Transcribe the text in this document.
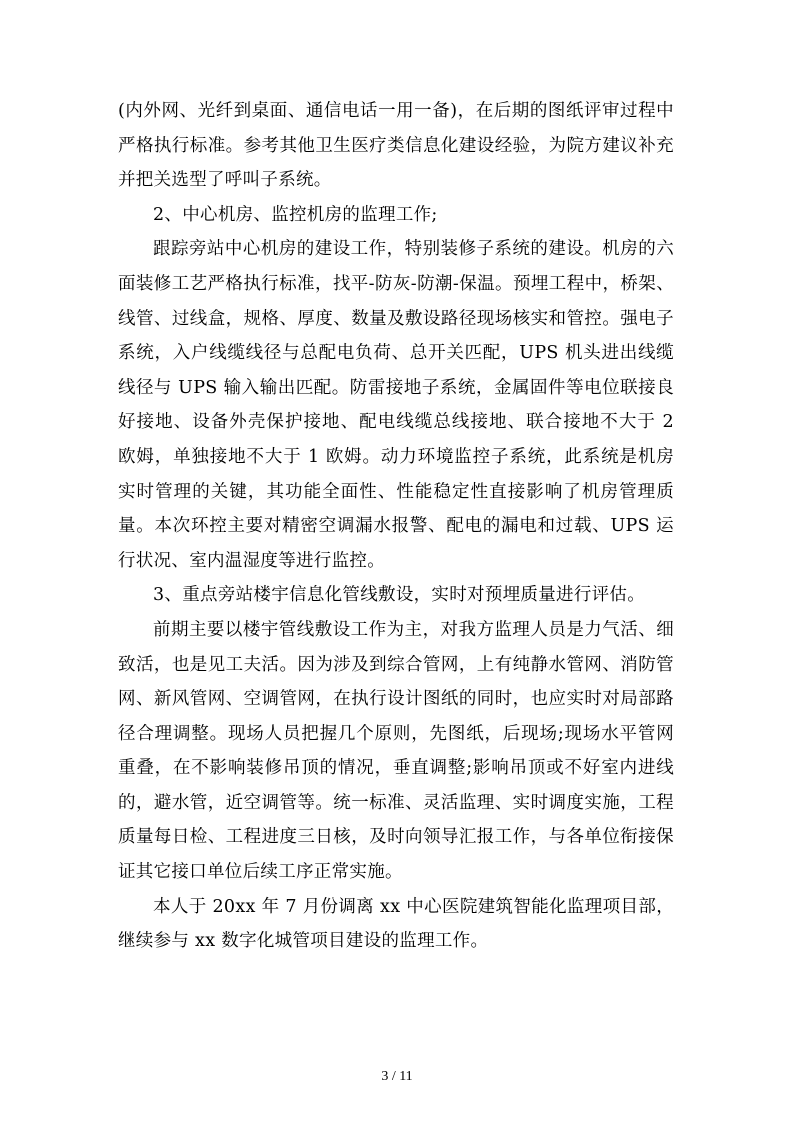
(内外网、光纤到桌面、通信电话一用一备)，在后期的图纸评审过程中严格执行标准。参考其他卫生医疗类信息化建设经验，为院方建议补充并把关选型了呼叫子系统。

2、中心机房、监控机房的监理工作;

跟踪旁站中心机房的建设工作，特别装修子系统的建设。机房的六面装修工艺严格执行标准，找平-防灰-防潮-保温。预埋工程中，桥架、线管、过线盒，规格、厚度、数量及敷设路径现场核实和管控。强电子系统，入户线缆线径与总配电负荷、总开关匹配，UPS 机头进出线缆线径与 UPS 输入输出匹配。防雷接地子系统，金属固件等电位联接良好接地、设备外壳保护接地、配电线缆总线接地、联合接地不大于 2 欧姆，单独接地不大于 1 欧姆。动力环境监控子系统，此系统是机房实时管理的关键，其功能全面性、性能稳定性直接影响了机房管理质量。本次环控主要对精密空调漏水报警、配电的漏电和过载、UPS 运行状况、室内温湿度等进行监控。

3、重点旁站楼宇信息化管线敷设，实时对预埋质量进行评估。

前期主要以楼宇管线敷设工作为主，对我方监理人员是力气活、细致活，也是见工夫活。因为涉及到综合管网，上有纯静水管网、消防管网、新风管网、空调管网，在执行设计图纸的同时，也应实时对局部路径合理调整。现场人员把握几个原则，先图纸，后现场;现场水平管网重叠，在不影响装修吊顶的情况，垂直调整;影响吊顶或不好室内进线的，避水管，近空调管等。统一标准、灵活监理、实时调度实施，工程质量每日检、工程进度三日核，及时向领导汇报工作，与各单位衔接保证其它接口单位后续工序正常实施。

本人于 20xx 年 7 月份调离 xx 中心医院建筑智能化监理项目部，继续参与 xx 数字化城管项目建设的监理工作。

3 / 11
